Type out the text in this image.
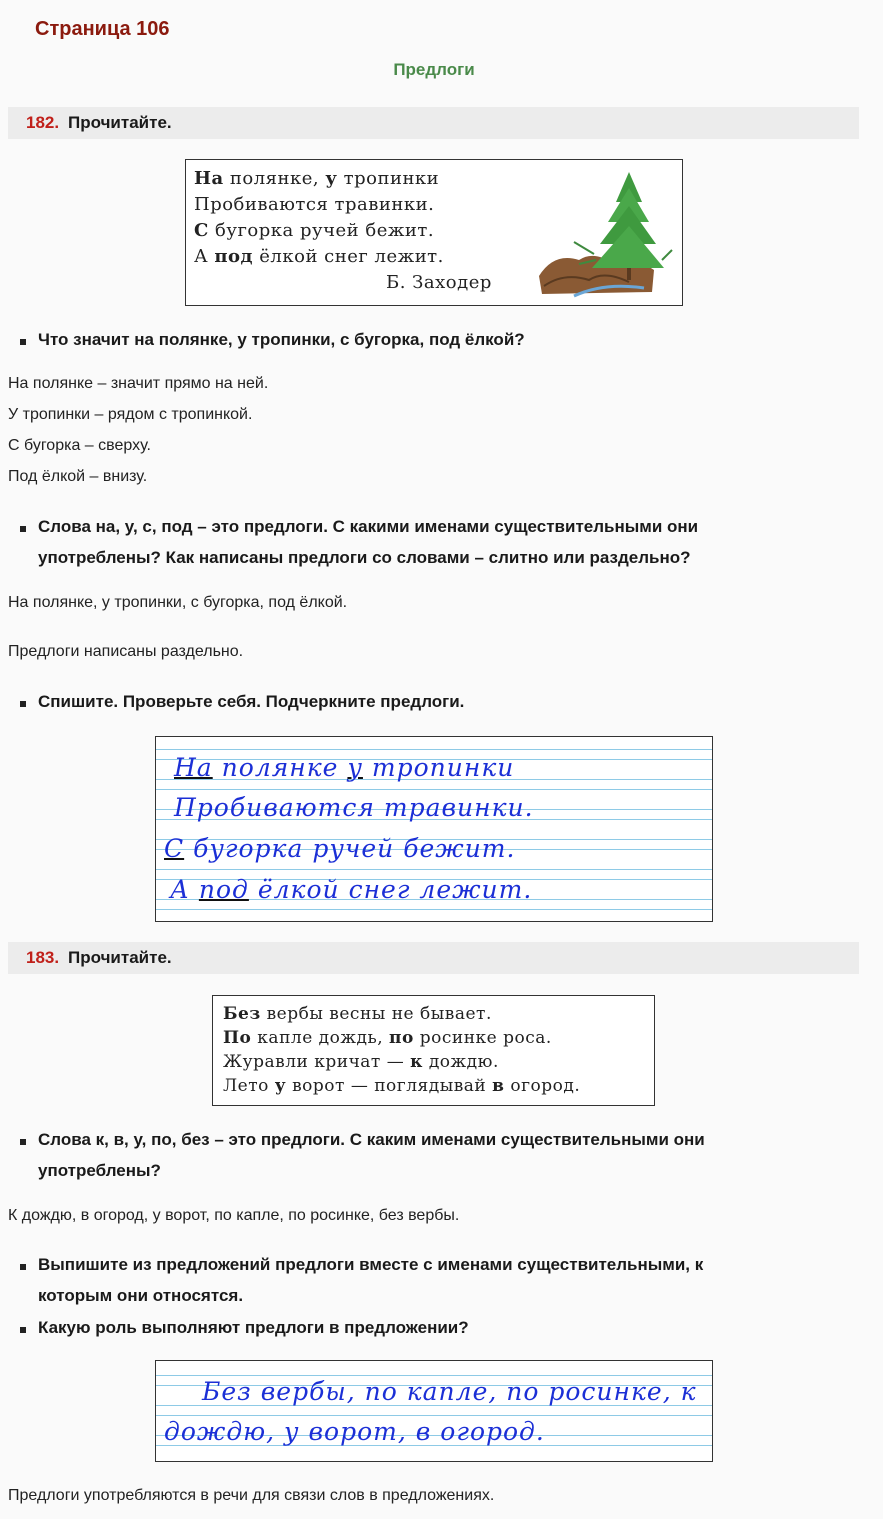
Страница 106
Предлоги
182. Прочитайте.
На полянке, у тропинки
Пробиваются травинки.
С бугорка ручей бежит.
А под ёлкой снег лежит.
Б. Заходер
Что значит на полянке, у тропинки, с бугорка, под ёлкой?
На полянке – значит прямо на ней.
У тропинки – рядом с тропинкой.
С бугорка – сверху.
Под ёлкой – внизу.
Слова на, у, с, под – это предлоги. С какими именами существительными они
употреблены? Как написаны предлоги со словами – слитно или раздельно?
На полянке, у тропинки, с бугорка, под ёлкой.
Предлоги написаны раздельно.
Спишите. Проверьте себя. Подчеркните предлоги.
На полянке у тропинки
Пробиваются травинки.
С бугорка ручей бежит.
А под ёлкой снег лежит.
183. Прочитайте.
Без вербы весны не бывает.
По капле дождь, по росинке роса.
Журавли кричат — к дождю.
Лето у ворот — поглядывай в огород.
Слова к, в, у, по, без – это предлоги. С каким именами существительными они
употреблены?
К дождю, в огород, у ворот, по капле, по росинке, без вербы.
Выпишите из предложений предлоги вместе с именами существительными, к
которым они относятся.
Какую роль выполняют предлоги в предложении?
Без вербы, по капле, по росинке, к
дождю, у ворот, в огород.
Предлоги употребляются в речи для связи слов в предложениях.
